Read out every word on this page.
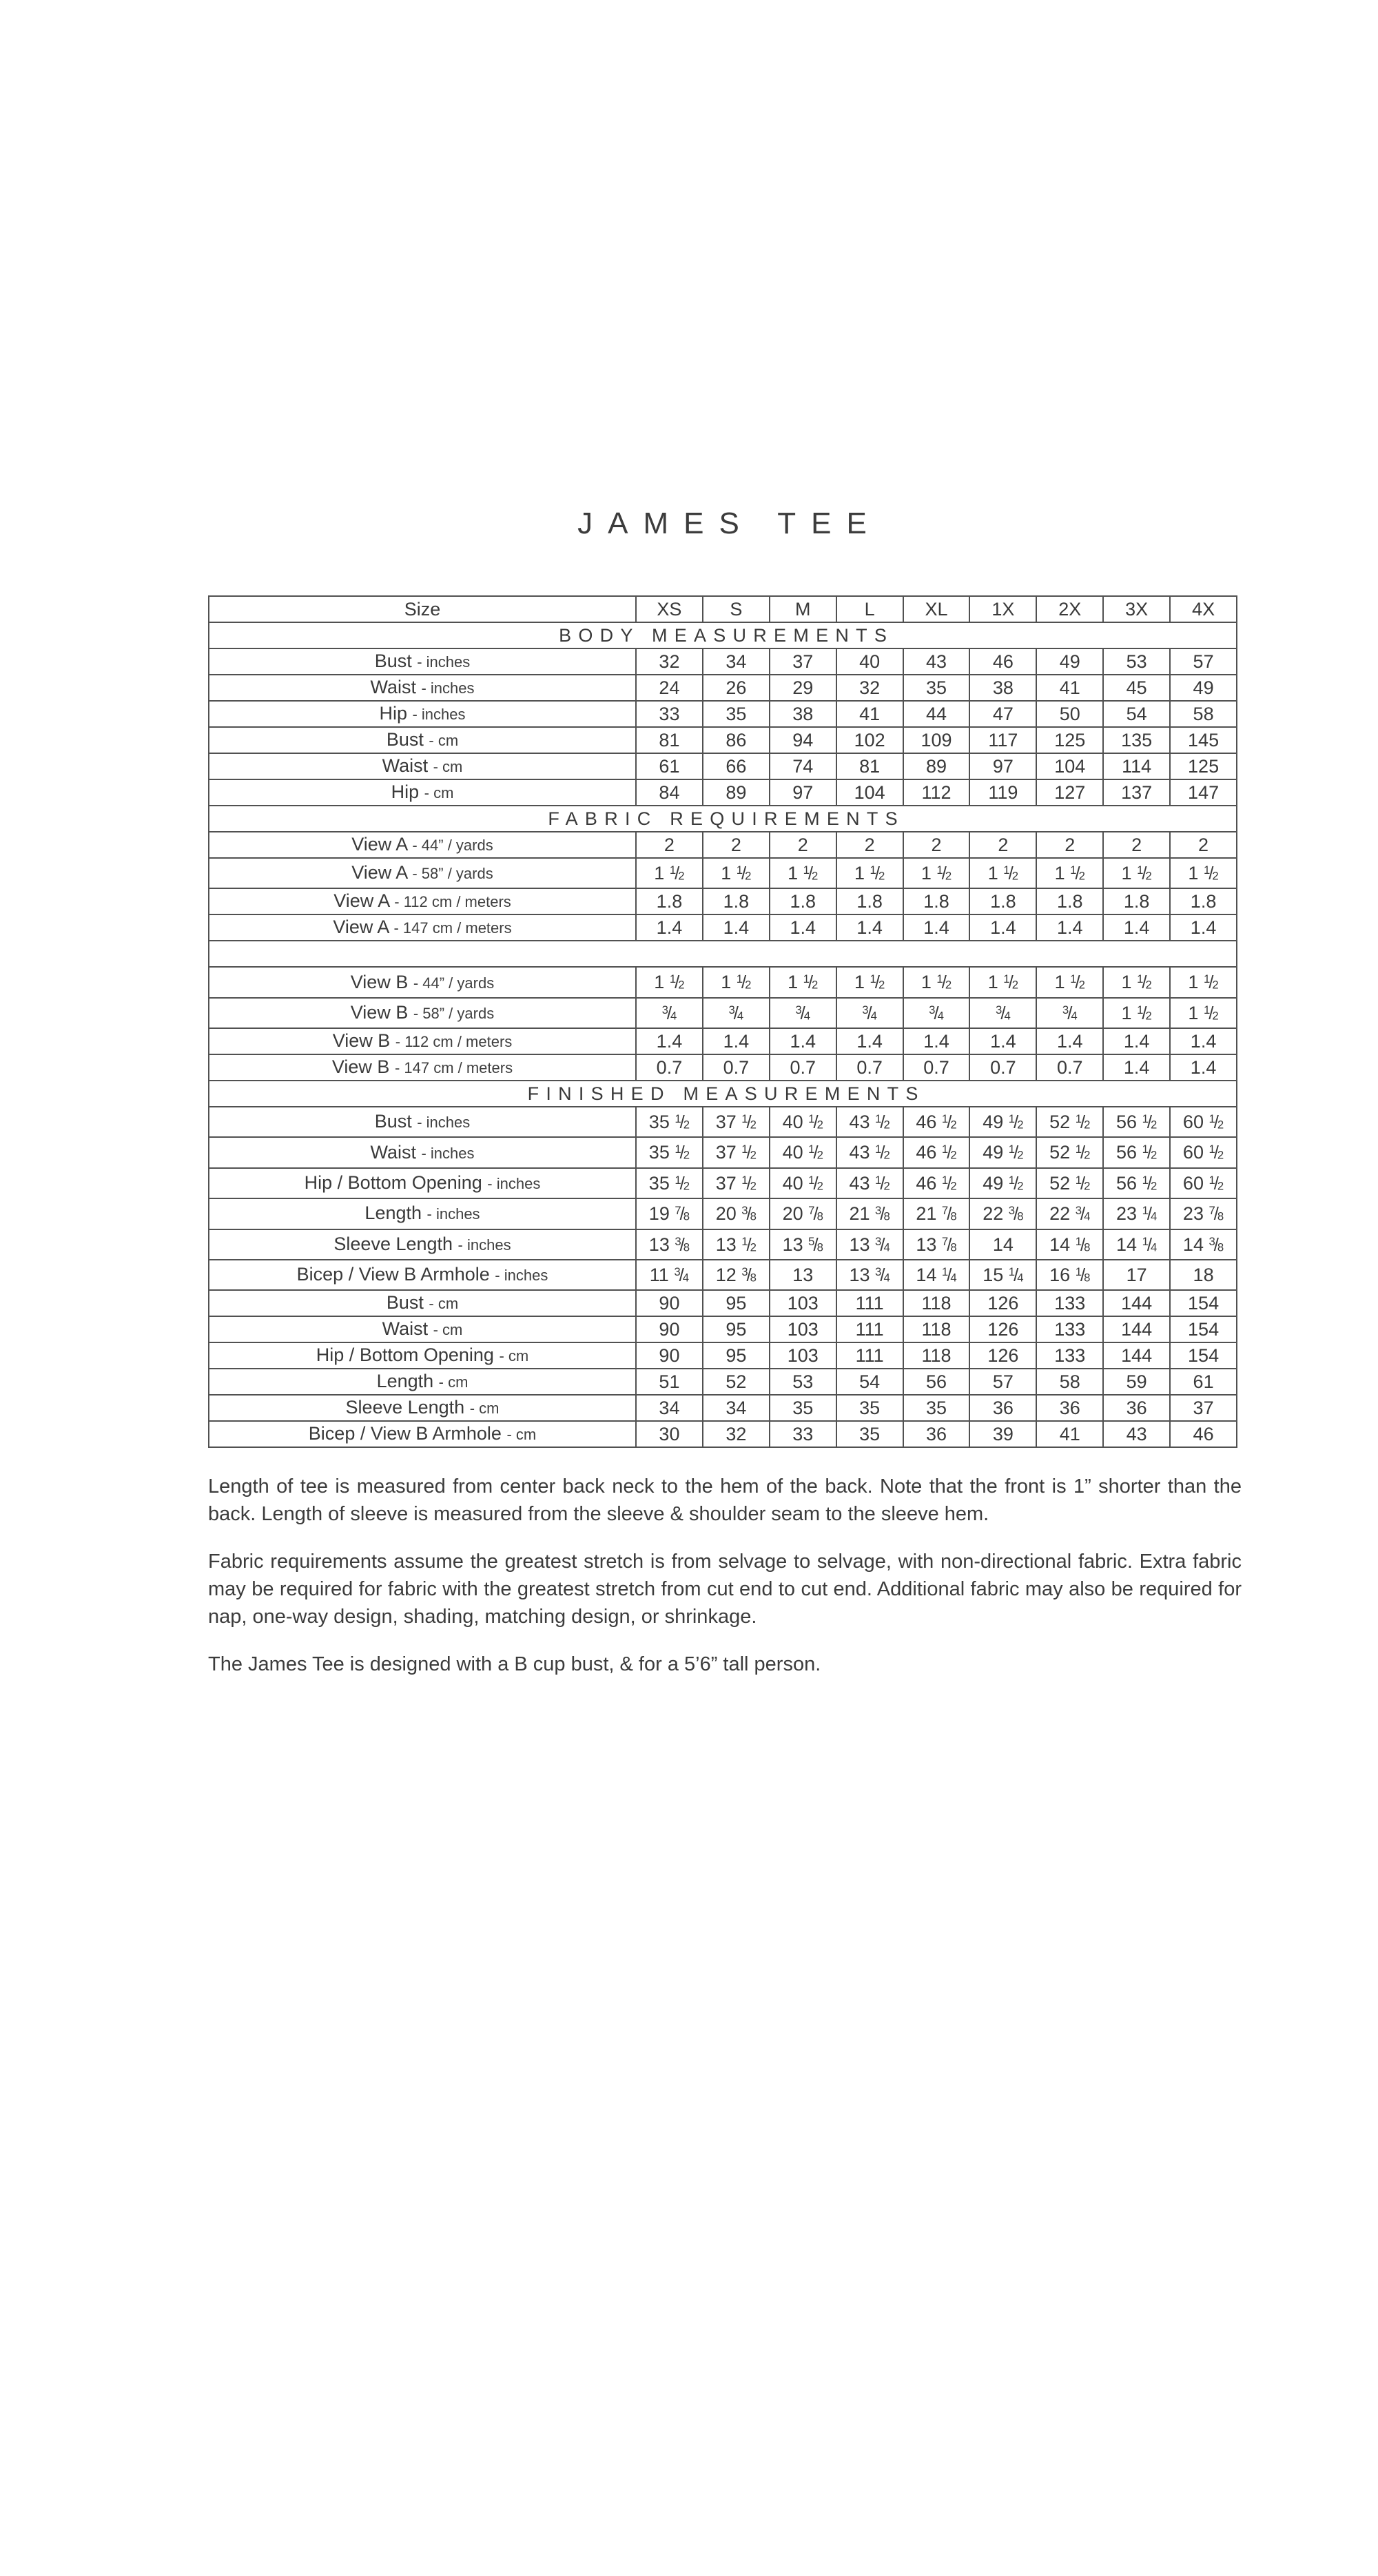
JAMES TEE
Size	XS	S	M	L	XL	1X	2X	3X	4X
BODY MEASUREMENTS									
Bust - inches	32	34	37	40	43	46	49	53	57
Waist - inches	24	26	29	32	35	38	41	45	49
Hip - inches	33	35	38	41	44	47	50	54	58
Bust - cm	81	86	94	102	109	117	125	135	145
Waist - cm	61	66	74	81	89	97	104	114	125
Hip - cm	84	89	97	104	112	119	127	137	147
FABRIC REQUIREMENTS									
View A - 44” / yards	2	2	2	2	2	2	2	2	2
View A - 58” / yards	1 $^1$/2	1 $^1$/2	1 $^1$/2	1 $^1$/2	1 $^1$/2	1 $^1$/2	1 $^1$/2	1 $^1$/2	1 $^1$/2
View A - 112 cm / meters	1.8	1.8	1.8	1.8	1.8	1.8	1.8	1.8	1.8
View A - 147 cm / meters	1.4	1.4	1.4	1.4	1.4	1.4	1.4	1.4	1.4

View B - 44” / yards	1 $^1$/2	1 $^1$/2	1 $^1$/2	1 $^1$/2	1 $^1$/2	1 $^1$/2	1 $^1$/2	1 $^1$/2	1 $^1$/2
View B - 58” / yards	$^3$/4	$^3$/4	$^3$/4	$^3$/4	$^3$/4	$^3$/4	$^3$/4	1 $^1$/2	1 $^1$/2
View B - 112 cm / meters	1.4	1.4	1.4	1.4	1.4	1.4	1.4	1.4	1.4
View B - 147 cm / meters	0.7	0.7	0.7	0.7	0.7	0.7	0.7	1.4	1.4
FINISHED MEASUREMENTS									
Bust - inches	35 $^1$/2	37 $^1$/2	40 $^1$/2	43 $^1$/2	46 $^1$/2	49 $^1$/2	52 $^1$/2	56 $^1$/2	60 $^1$/2
Waist - inches	35 $^1$/2	37 $^1$/2	40 $^1$/2	43 $^1$/2	46 $^1$/2	49 $^1$/2	52 $^1$/2	56 $^1$/2	60 $^1$/2
Hip / Bottom Opening - inches	35 $^1$/2	37 $^1$/2	40 $^1$/2	43 $^1$/2	46 $^1$/2	49 $^1$/2	52 $^1$/2	56 $^1$/2	60 $^1$/2
Length - inches	19 $^7$/8	20 $^3$/8	20 $^7$/8	21 $^3$/8	21 $^7$/8	22 $^3$/8	22 $^3$/4	23 $^1$/4	23 $^7$/8
Sleeve Length - inches	13 $^3$/8	13 $^1$/2	13 $^5$/8	13 $^3$/4	13 $^7$/8	14	14 $^1$/8	14 $^1$/4	14 $^3$/8
Bicep / View B Armhole - inches	11 $^3$/4	12 $^3$/8	13	13 $^3$/4	14 $^1$/4	15 $^1$/4	16 $^1$/8	17	18
Bust - cm	90	95	103	111	118	126	133	144	154
Waist - cm	90	95	103	111	118	126	133	144	154
Hip / Bottom Opening - cm	90	95	103	111	118	126	133	144	154
Length - cm	51	52	53	54	56	57	58	59	61
Sleeve Length - cm	34	34	35	35	35	36	36	36	37
Bicep / View B Armhole - cm	30	32	33	35	36	39	41	43	46

Length of tee is measured from center back neck to the hem of the back. Note that the front is 1” shorter than the back. Length of sleeve is measured from the sleeve & shoulder seam to the sleeve hem.

Fabric requirements assume the greatest stretch is from selvage to selvage, with non-directional fabric. Extra fabric may be required for fabric with the greatest stretch from cut end to cut end. Additional fabric may also be required for nap, one-way design, shading, matching design, or shrinkage.

The James Tee is designed with a B cup bust, & for a 5’6” tall person.
